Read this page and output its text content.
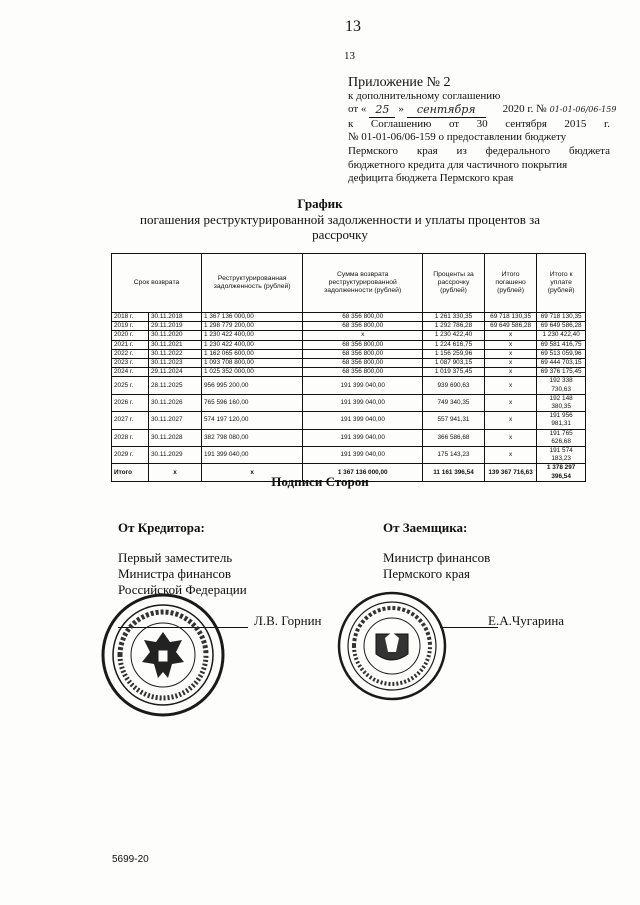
13
13
Приложение № 2
к дополнительному соглашению
от « 25 »	сентября	2020 г. № 01-01-06/06-159
к Соглашению от 30 сентября 2015 г.
№ 01-01-06/06-159 о предоставлении бюджету
Пермского края из федерального бюджета
бюджетного кредита для частичного покрытия
дефицита бюджета Пермского края
График
погашения реструктурированной задолженности и уплаты процентов за рассрочку
Срок возврата		Реструктурированная задолженность (рублей)	Сумма возврата реструктурированной задолженности (рублей)	Проценты за рассрочку (рублей)	Итого погашено (рублей)	Итого к уплате (рублей)
2018 г.	30.11.2018	1 367 136 000,00	68 356 800,00	1 261 330,35	69 718 130,35	69 718 130,35
2019 г.	29.11.2019	1 298 779 200,00	68 356 800,00	1 292 786,28	69 649 586,28	69 649 586,28
2020 г.	30.11.2020	1 230 422 400,00	x	1 230 422,40	x	1 230 422,40
2021 г.	30.11.2021	1 230 422 400,00	68 356 800,00	1 224 616,75	x	69 581 416,75
2022 г.	30.11.2022	1 162 065 600,00	68 356 800,00	1 156 259,96	x	69 513 059,96
2023 г.	30.11.2023	1 093 708 800,00	68 356 800,00	1 087 903,15	x	69 444 703,15
2024 г.	29.11.2024	1 025 352 000,00	68 356 800,00	1 019 375,45	x	69 376 175,45
2025 г.	28.11.2025	956 995 200,00	191 399 040,00	939 690,63	x	192 338 730,63
2026 г.	30.11.2026	765 596 160,00	191 399 040,00	749 340,35	x	192 148 380,35
2027 г.	30.11.2027	574 197 120,00	191 399 040,00	557 941,31	x	191 956 981,31
2028 г.	30.11.2028	382 798 080,00	191 399 040,00	366 586,68	x	191 765 626,68
2029 г.	30.11.2029	191 399 040,00	191 399 040,00	175 143,23	x	191 574 183,23
Итого	x	x	1 367 136 000,00	11 161 396,54	139 367 716,63	1 378 297 396,54
Подписи Сторон
От Кредитора:	От Заемщика:
Первый заместитель
Министра финансов
Российской Федерации
Министр финансов
Пермского края
Л.В. Горнин	Е.А.Чугарина
5699-20
